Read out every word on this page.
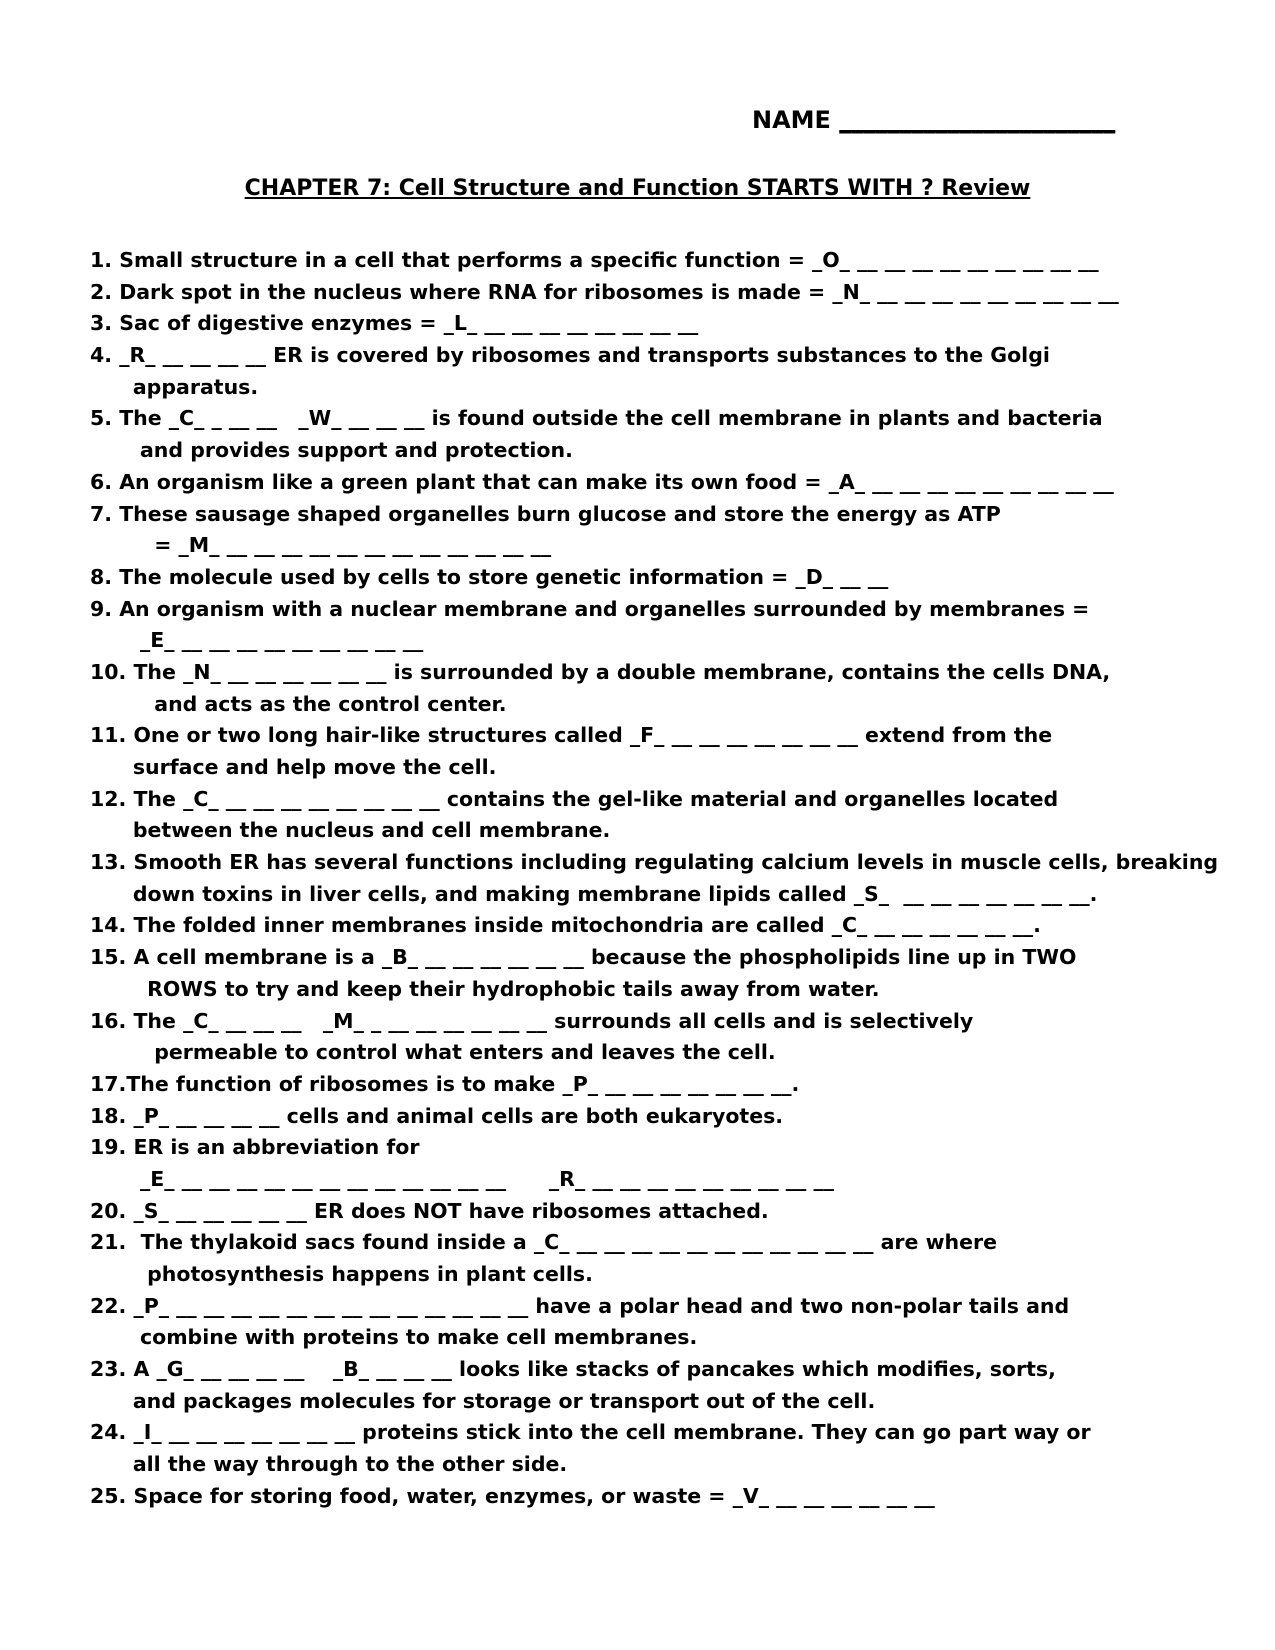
NAME _______________________
CHAPTER 7: Cell Structure and Function STARTS WITH ? Review
1. Small structure in a cell that performs a specific function = _O_ __ __ __ __ __ __ __ __ __
2. Dark spot in the nucleus where RNA for ribosomes is made = _N_ __ __ __ __ __ __ __ __ __
3. Sac of digestive enzymes = _L_ __ __ __ __ __ __ __ __
4. _R_ __ __ __ __ ER is covered by ribosomes and transports substances to the Golgi
apparatus.
5. The _C_ _ __ __   _W_ __ __ __ is found outside the cell membrane in plants and bacteria
and provides support and protection.
6. An organism like a green plant that can make its own food = _A_ __ __ __ __ __ __ __ __ __
7. These sausage shaped organelles burn glucose and store the energy as ATP
= _M_ __ __ __ __ __ __ __ __ __ __ __ __
8. The molecule used by cells to store genetic information = _D_ __ __
9. An organism with a nuclear membrane and organelles surrounded by membranes =
_E_ __ __ __ __ __ __ __ __ __
10. The _N_ __ __ __ __ __ __ is surrounded by a double membrane, contains the cells DNA,
and acts as the control center.
11. One or two long hair-like structures called _F_ __ __ __ __ __ __ __ extend from the
surface and help move the cell.
12. The _C_ __ __ __ __ __ __ __ __ contains the gel-like material and organelles located
between the nucleus and cell membrane.
13. Smooth ER has several functions including regulating calcium levels in muscle cells, breaking
down toxins in liver cells, and making membrane lipids called _S_  __ __ __ __ __ __ __.
14. The folded inner membranes inside mitochondria are called _C_ __ __ __ __ __ __.
15. A cell membrane is a _B_ __ __ __ __ __ __ because the phospholipids line up in TWO
ROWS to try and keep their hydrophobic tails away from water.
16. The _C_ __ __ __   _M_ _ __ __ __ __ __ __ surrounds all cells and is selectively
permeable to control what enters and leaves the cell.
17.The function of ribosomes is to make _P_ __ __ __ __ __ __ __.
18. _P_ __ __ __ __ cells and animal cells are both eukaryotes.
19. ER is an abbreviation for
_E_ __ __ __ __ __ __ __ __ __ __ __ __      _R_ __ __ __ __ __ __ __ __ __
20. _S_ __ __ __ __ __ ER does NOT have ribosomes attached.
21.  The thylakoid sacs found inside a _C_ __ __ __ __ __ __ __ __ __ __ __ are where
photosynthesis happens in plant cells.
22. _P_ __ __ __ __ __ __ __ __ __ __ __ __ __ have a polar head and two non-polar tails and
combine with proteins to make cell membranes.
23. A _G_ __ __ __ __    _B_ __ __ __ looks like stacks of pancakes which modifies, sorts,
and packages molecules for storage or transport out of the cell.
24. _I_ __ __ __ __ __ __ __ proteins stick into the cell membrane. They can go part way or
all the way through to the other side.
25. Space for storing food, water, enzymes, or waste = _V_ __ __ __ __ __ __
